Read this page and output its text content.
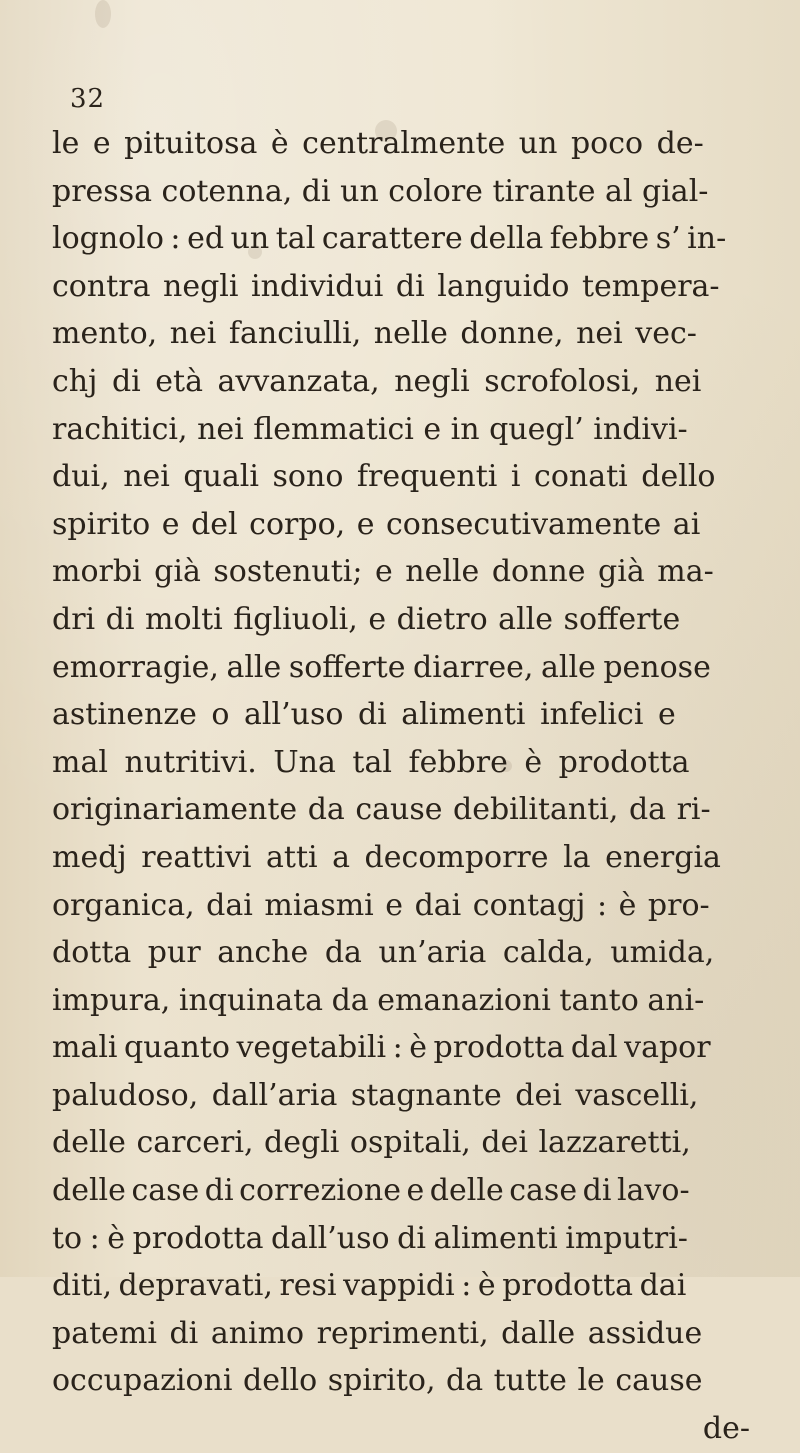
32
le e pituitosa è centralmente un poco de-
pressa cotenna, di un colore tirante al gial-
lognolo : ed un tal carattere della febbre s’ in-
contra negli individui di languido tempera-
mento, nei fanciulli, nelle donne, nei vec-
chj di età avvanzata, negli scrofolosi, nei
rachitici, nei flemmatici e in quegl’ indivi-
dui, nei quali sono frequenti i conati dello
spirito e del corpo, e consecutivamente ai
morbi già sostenuti; e nelle donne già ma-
dri di molti figliuoli, e dietro alle sofferte
emorragie, alle sofferte diarree, alle penose
astinenze o all’uso di alimenti infelici e
mal nutritivi. Una tal febbre è prodotta
originariamente da cause debilitanti, da ri-
medj reattivi atti a decomporre la energia
organica, dai miasmi e dai contagj : è pro-
dotta pur anche da un’aria calda, umida,
impura, inquinata da emanazioni tanto ani-
mali quanto vegetabili : è prodotta dal vapor
paludoso, dall’aria stagnante dei vascelli,
delle carceri, degli ospitali, dei lazzaretti,
delle case di correzione e delle case di lavo-
to : è prodotta dall’uso di alimenti imputri-
diti, depravati, resi vappidi : è prodotta dai
patemi di animo reprimenti, dalle assidue
occupazioni dello spirito, da tutte le cause
de-
